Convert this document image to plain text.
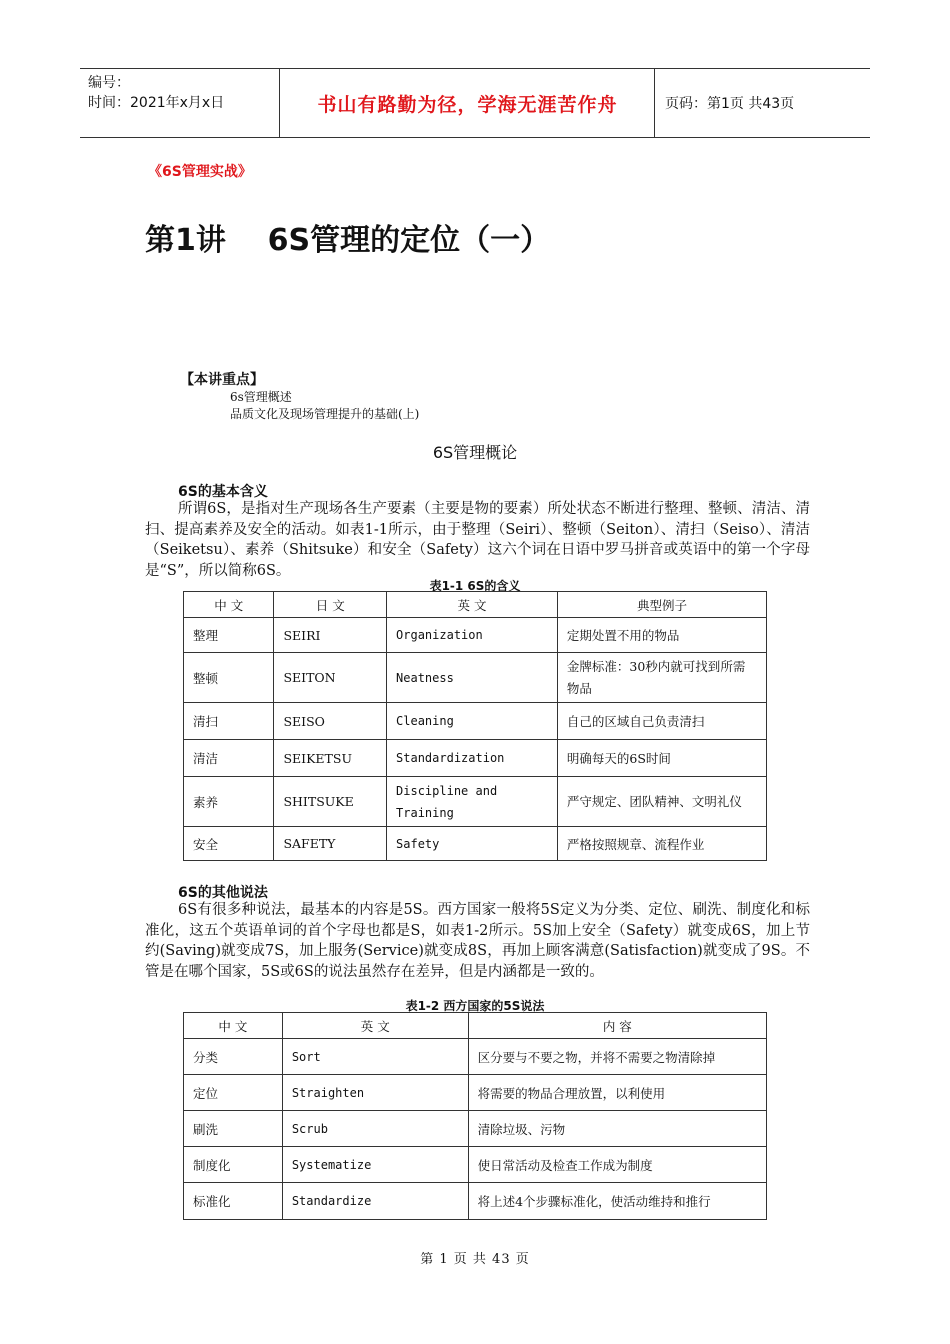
编号：
时间：2021年x月x日	书山有路勤为径，学海无涯苦作舟	页码：第1页 共43页
《6S管理实战》
第1讲    6S管理的定位（一）
【本讲重点】
6s管理概述
品质文化及现场管理提升的基础(上)
6S管理概论
6S的基本含义

所谓6S，是指对生产现场各生产要素（主要是物的要素）所处状态不断进行整理、整顿、清洁、清扫、提高素养及安全的活动。如表1-1所示，由于整理（Seiri）、整顿（Seiton）、清扫（Seiso）、清洁（Seiketsu）、素养（Shitsuke）和安全（Safety）这六个词在日语中罗马拼音或英语中的第一个字母是“S”，所以简称6S。

表1-1 6S的含义
中 文	日 文	英 文	典型例子
整理	SEIRI	Organization	定期处置不用的物品
整顿	SEITON	Neatness	金牌标准：30秒内就可找到所需物品
清扫	SEISO	Cleaning	自己的区域自己负责清扫
清洁	SEIKETSU	Standardization	明确每天的6S时间
素养	SHITSUKE	Discipline and Training	严守规定、团队精神、文明礼仪
安全	SAFETY	Safety	严格按照规章、流程作业
6S的其他说法

6S有很多种说法，最基本的内容是5S。西方国家一般将5S定义为分类、定位、刷洗、制度化和标准化，这五个英语单词的首个字母也都是S，如表1-2所示。5S加上安全（Safety）就变成6S，加上节约(Saving)就变成7S，加上服务(Service)就变成8S，再加上顾客满意(Satisfaction)就变成了9S。不管是在哪个国家，5S或6S的说法虽然存在差异，但是内涵都是一致的。

表1-2 西方国家的5S说法
中 文	英 文	内 容
分类	Sort	区分要与不要之物，并将不需要之物清除掉
定位	Straighten	将需要的物品合理放置，以利使用
刷洗	Scrub	清除垃圾、污物
制度化	Systematize	使日常活动及检查工作成为制度
标准化	Standardize	将上述4个步骤标准化，使活动维持和推行
第 1 页 共 43 页
